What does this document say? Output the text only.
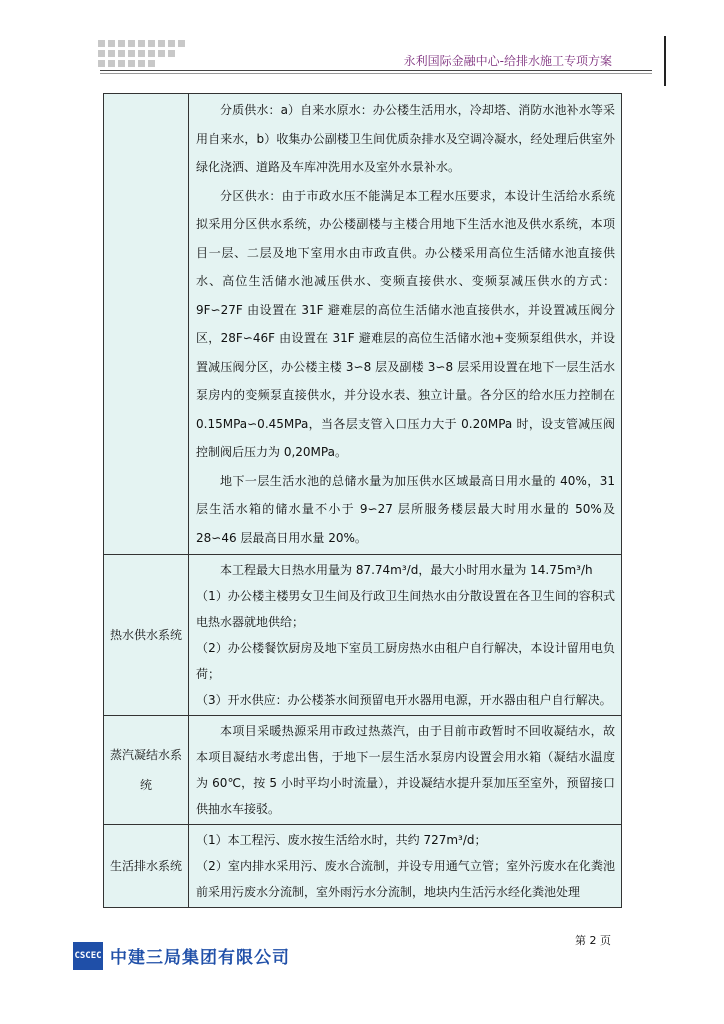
永利国际金融中心-给排水施工专项方案

	分质供水：a）自来水原水：办公楼生活用水，冷却塔、消防水池补水等采用自来水，b）收集办公副楼卫生间优质杂排水及空调冷凝水，经处理后供室外绿化浇洒、道路及车库冲洗用水及室外水景补水。
分区供水：由于市政水压不能满足本工程水压要求，本设计生活给水系统拟采用分区供水系统，办公楼副楼与主楼合用地下生活水池及供水系统，本项目一层、二层及地下室用水由市政直供。办公楼采用高位生活储水池直接供水、高位生活储水池减压供水、变频直接供水、变频泵减压供水的方式：9F∽27F 由设置在 31F 避难层的高位生活储水池直接供水，并设置减压阀分区，28F∽46F 由设置在 31F 避难层的高位生活储水池+变频泵组供水，并设置减压阀分区，办公楼主楼 3∽8 层及副楼 3∽8 层采用设置在地下一层生活水泵房内的变频泵直接供水，并分设水表、独立计量。各分区的给水压力控制在 0.15MPa∽0.45MPa，当各层支管入口压力大于 0.20MPa 时，设支管减压阀控制阀后压力为 0,20MPa。
地下一层生活水池的总储水量为加压供水区域最高日用水量的 40%，31 层生活水箱的储水量不小于 9∽27 层所服务楼层最大时用水量的 50%及 28∽46 层最高日用水量 20%。

热水供水系统	本工程最大日热水用量为 87.74m³/d，最大小时用水量为 14.75m³/h
（1）办公楼主楼男女卫生间及行政卫生间热水由分散设置在各卫生间的容积式电热水器就地供给；
（2）办公楼餐饮厨房及地下室员工厨房热水由租户自行解决，本设计留用电负荷；
（3）开水供应：办公楼茶水间预留电开水器用电源，开水器由租户自行解决。

蒸汽凝结水系统	本项目采暖热源采用市政过热蒸汽，由于目前市政暂时不回收凝结水，故本项目凝结水考虑出售，于地下一层生活水泵房内设置会用水箱（凝结水温度为 60℃，按 5 小时平均小时流量），并设凝结水提升泵加压至室外，预留接口供抽水车接驳。

生活排水系统	（1）本工程污、废水按生活给水时，共约 727m³/d；
（2）室内排水采用污、废水合流制，并设专用通气立管；室外污废水在化粪池前采用污废水分流制，室外雨污水分流制，地块内生活污水经化粪池处理
第 2 页
CSCEC 中建三局集团有限公司
